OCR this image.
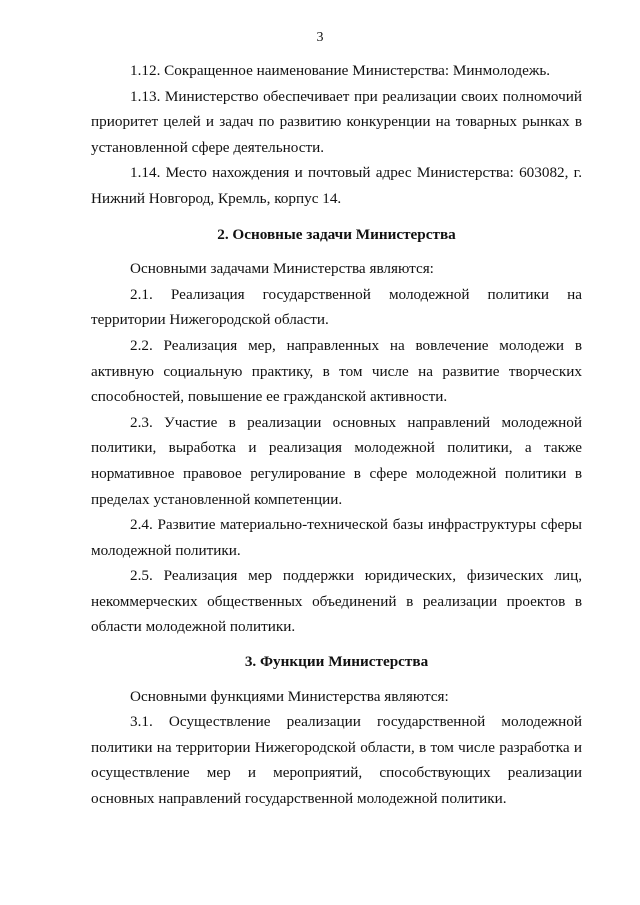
3

1.12. Сокращенное наименование Министерства: Минмолодежь.

1.13. Министерство обеспечивает при реализации своих полномочий приоритет целей и задач по развитию конкуренции на товарных рынках в установленной сфере деятельности.

1.14. Место нахождения и почтовый адрес Министерства: 603082, г. Нижний Новгород, Кремль, корпус 14.

2. Основные задачи Министерства

Основными задачами Министерства являются:

2.1. Реализация государственной молодежной политики на территории Нижегородской области.

2.2. Реализация мер, направленных на вовлечение молодежи в активную социальную практику, в том числе на развитие творческих способностей, повышение ее гражданской активности.

2.3. Участие в реализации основных направлений молодежной политики, выработка и реализация молодежной политики, а также нормативное правовое регулирование в сфере молодежной политики в пределах установленной компетенции.

2.4. Развитие материально-технической базы инфраструктуры сферы молодежной политики.

2.5. Реализация мер поддержки юридических, физических лиц, некоммерческих общественных объединений в реализации проектов в области молодежной политики.

3. Функции Министерства

Основными функциями Министерства являются:

3.1. Осуществление реализации государственной молодежной политики на территории Нижегородской области, в том числе разработка и осуществление мер и мероприятий, способствующих реализации основных направлений государственной молодежной политики.
